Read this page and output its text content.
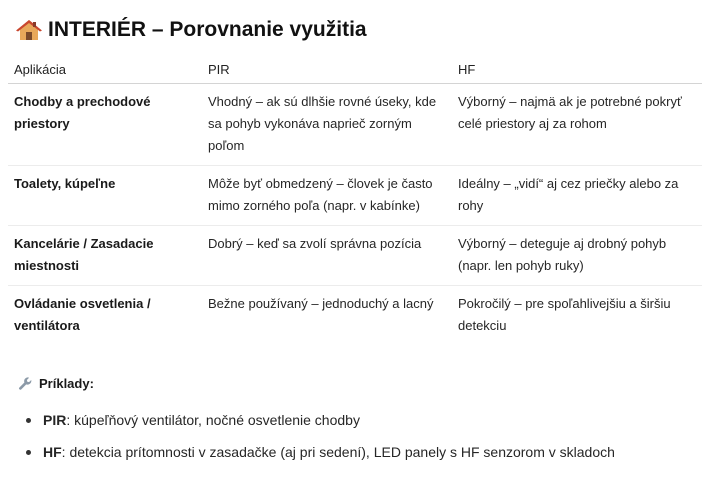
INTERIÉR – Porovnanie využitia
Aplikácia	PIR	HF
Chodby a prechodové priestory	Vhodný – ak sú dlhšie rovné úseky, kde sa pohyb vykonáva naprieč zorným poľom	Výborný – najmä ak je potrebné pokryť celé priestory aj za rohom
Toalety, kúpeľne	Môže byť obmedzený – človek je často mimo zorného poľa (napr. v kabínke)	Ideálny – „vidí“ aj cez priečky alebo za rohy
Kancelárie / Zasadacie miestnosti	Dobrý – keď sa zvolí správna pozícia	Výborný – deteguje aj drobný pohyb (napr. len pohyb ruky)
Ovládanie osvetlenia / ventilátora	Bežne používaný – jednoduchý a lacný	Pokročilý – pre spoľahlivejšiu a širšiu detekciu
Príklady:
PIR : kúpeľňový ventilátor, nočné osvetlenie chodby
HF : detekcia prítomnosti v zasadačke (aj pri sedení), LED panely s HF senzorom v skladoch
